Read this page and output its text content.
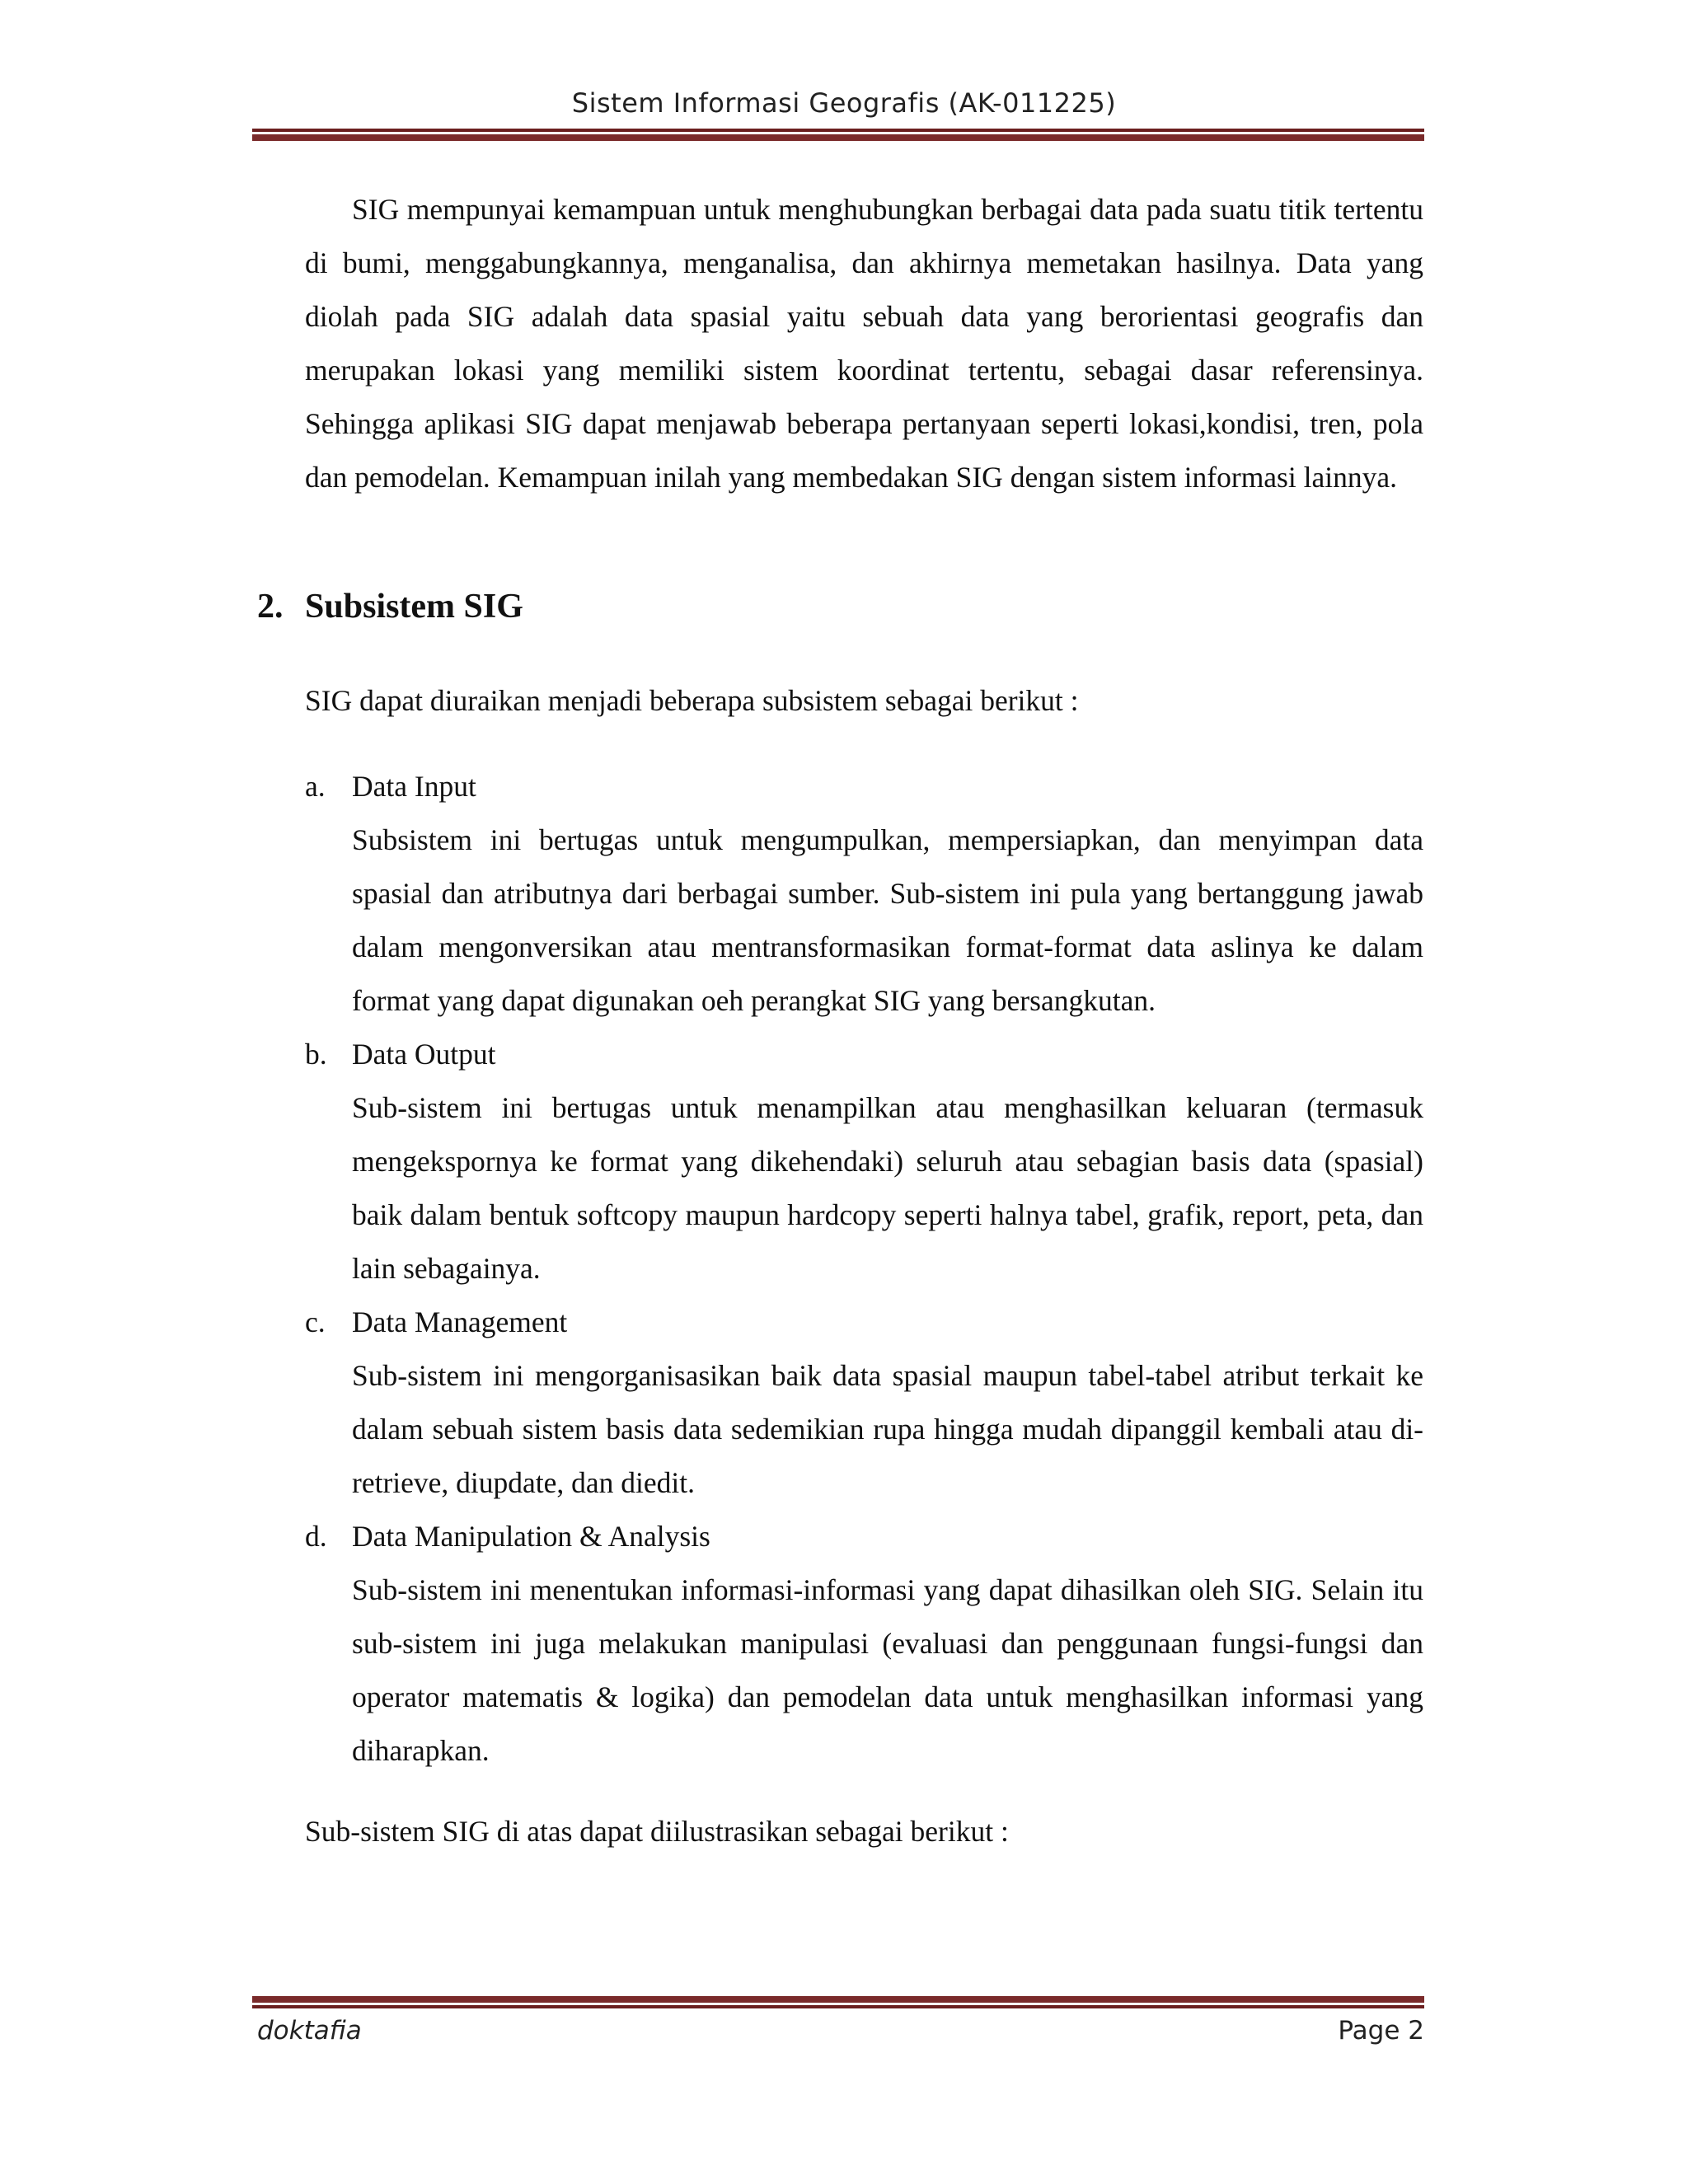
Sistem Informasi Geografis (AK-011225)
SIG mempunyai kemampuan untuk menghubungkan berbagai data pada suatu titik tertentu di bumi, menggabungkannya, menganalisa, dan akhirnya memetakan hasilnya. Data yang diolah pada SIG adalah data spasial yaitu sebuah data yang berorientasi geografis dan merupakan lokasi yang memiliki sistem koordinat tertentu, sebagai dasar referensinya. Sehingga aplikasi SIG dapat menjawab beberapa pertanyaan seperti lokasi,kondisi, tren, pola dan pemodelan. Kemampuan inilah yang membedakan SIG dengan sistem informasi lainnya.
2. Subsistem SIG
SIG dapat diuraikan menjadi beberapa subsistem sebagai berikut :
a. Data Input
Subsistem ini bertugas untuk mengumpulkan, mempersiapkan, dan menyimpan data spasial dan atributnya dari berbagai sumber. Sub-sistem ini pula yang bertanggung jawab dalam mengonversikan atau mentransformasikan format-format data aslinya ke dalam format yang dapat digunakan oeh perangkat SIG yang bersangkutan.
b. Data Output
Sub-sistem ini bertugas untuk menampilkan atau menghasilkan keluaran (termasuk mengekspornya ke format yang dikehendaki) seluruh atau sebagian basis data (spasial) baik dalam bentuk softcopy maupun hardcopy seperti halnya tabel, grafik, report, peta, dan lain sebagainya.
c. Data Management
Sub-sistem ini mengorganisasikan baik data spasial maupun tabel-tabel atribut terkait ke dalam sebuah sistem basis data sedemikian rupa hingga mudah dipanggil kembali atau di-retrieve, diupdate, dan diedit.
d. Data Manipulation & Analysis
Sub-sistem ini menentukan informasi-informasi yang dapat dihasilkan oleh SIG. Selain itu sub-sistem ini juga melakukan manipulasi (evaluasi dan penggunaan fungsi-fungsi dan operator matematis & logika) dan pemodelan data untuk menghasilkan informasi yang diharapkan.
Sub-sistem SIG di atas dapat diilustrasikan sebagai berikut :
doktafia	Page 2
